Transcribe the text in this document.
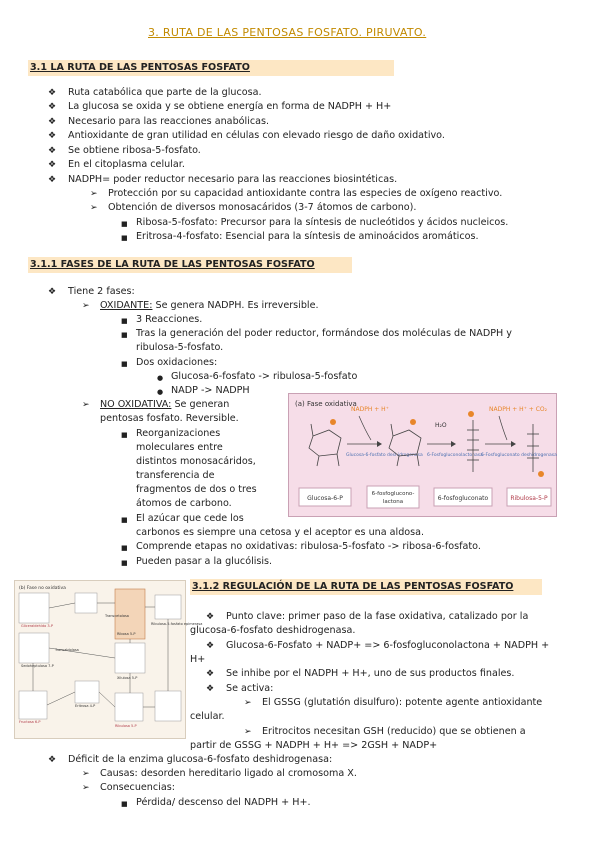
3. RUTA DE LAS PENTOSAS FOSFATO. PIRUVATO.
3.1 LA RUTA DE LAS PENTOSAS FOSFATO
❖ Ruta catabólica que parte de la glucosa.
❖ La glucosa se oxida y se obtiene energía en forma de NADPH + H+
❖ Necesario para las reacciones anabólicas.
❖ Antioxidante de gran utilidad en células con elevado riesgo de daño oxidativo.
❖ Se obtiene ribosa-5-fosfato.
❖ En el citoplasma celular.
❖ NADPH= poder reductor necesario para las reacciones biosintéticas.
➢ Protección por su capacidad antioxidante contra las especies de oxígeno reactivo.
➢ Obtención de diversos monosacáridos (3-7 átomos de carbono).
■ Ribosa-5-fosfato: Precursor para la síntesis de nucleótidos y ácidos nucleicos.
■ Eritrosa-4-fosfato: Esencial para la síntesis de aminoácidos aromáticos.
3.1.1 FASES DE LA RUTA DE LAS PENTOSAS FOSFATO
❖ Tiene 2 fases:
➢ OXIDANTE: Se genera NADPH. Es irreversible.
■ 3 Reacciones.
■ Tras la generación del poder reductor, formándose dos moléculas de NADPH y
ribulosa-5-fosfato.
■ Dos oxidaciones:
● Glucosa-6-fosfato -> ribulosa-5-fosfato
● NADP -> NADPH
➢ NO OXIDATIVA: Se generan
pentosas fosfato. Reversible.
■ Reorganizaciones
moleculares entre
distintos monosacáridos,
transferencia de
fragmentos de dos o tres
átomos de carbono.
■ El azúcar que cede los
carbonos es siempre una cetosa y el aceptor es una aldosa.
■ Comprende etapas no oxidativas: ribulosa-5-fosfato -> ribosa-6-fosfato.
■ Pueden pasar a la glucólisis.
(a) Fase oxidativa
NADPH + H⁺
Glucosa-6-fosfato deshidrogenasa
H₂O
6-Fosfogluconolactonasa
NADPH + H⁺ + CO₂
6-Fosfogluconato deshidrogenasa
Glucosa-6-P
6-fosfoglucono-
lactona	6-fosfogluconato	Ribulosa-5-P
(b) Fase no oxidativa
Gliceraldehído 3-P
Ribosa 5-P
Ribulosa-5-fosfato epimerasa
Transcetolasa
Xilulosa 5-P
Sedoheptulosa 7-P
Transaldolasa
Eritrosa 4-P
Fructosa 6-P
Ribulosa 5-P
3.1.2 REGULACIÓN DE LA RUTA DE LAS PENTOSAS FOSFATO
❖ Punto clave: primer paso de la fase oxidativa, catalizado por la
glucosa-6-fosfato deshidrogenasa.
❖ Glucosa-6-Fosfato + NADP+ => 6-fosfogluconolactona + NADPH +
H+
❖ Se inhibe por el NADPH + H+, uno de sus productos finales.
❖ Se activa:
➢ El GSSG (glutatión disulfuro): potente agente antioxidante
celular.
➢ Eritrocitos necesitan GSH (reducido) que se obtienen a
partir de GSSG + NADPH + H+ => 2GSH + NADP+
❖ Déficit de la enzima glucosa-6-fosfato deshidrogenasa:
➢ Causas: desorden hereditario ligado al cromosoma X.
➢ Consecuencias:
■ Pérdida/ descenso del NADPH + H+.
